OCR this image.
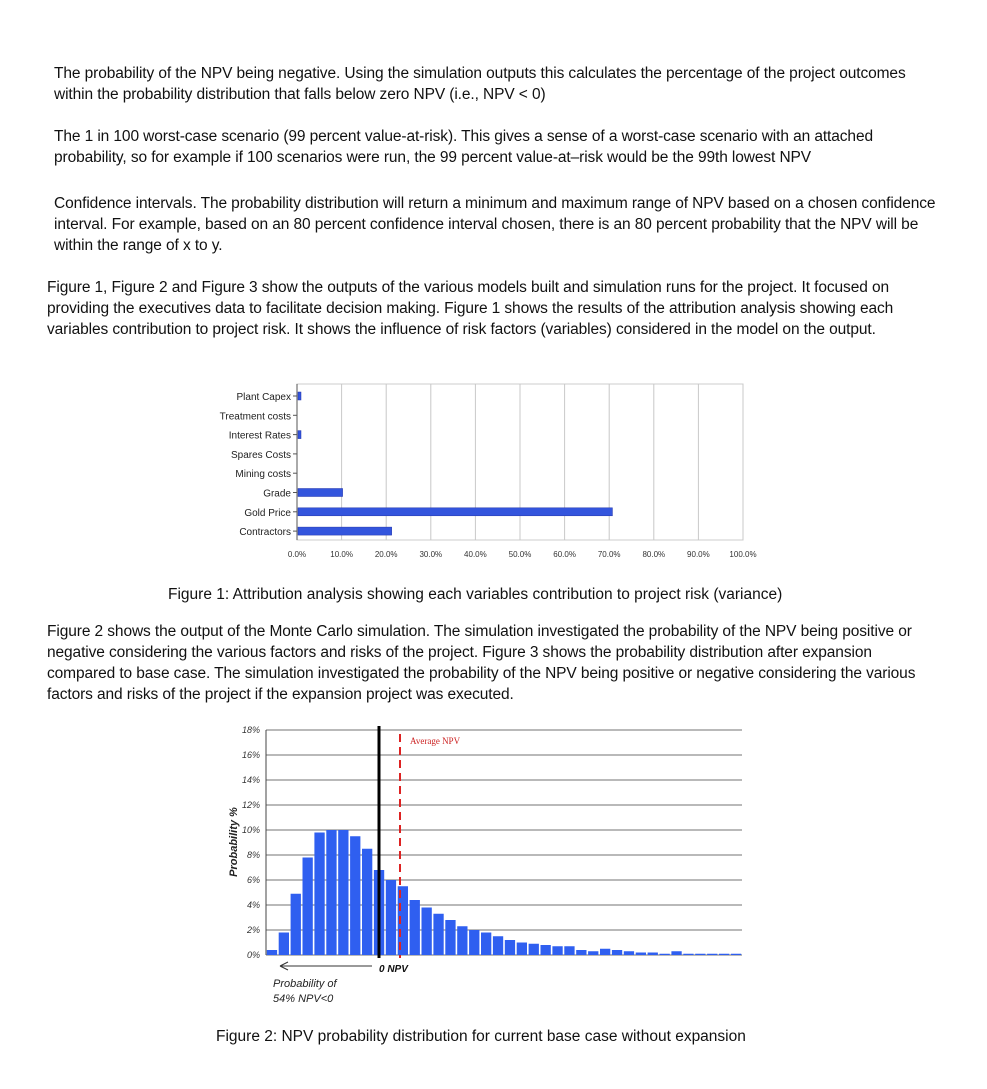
The probability of the NPV being negative. Using the simulation outputs this calculates the percentage of the project outcomes within the probability distribution that falls below zero NPV (i.e., NPV < 0)

The 1 in 100 worst-case scenario (99 percent value-at-risk). This gives a sense of a worst-case scenario with an attached probability, so for example if 100 scenarios were run, the 99 percent value-at–risk would be the 99th lowest NPV

Confidence intervals. The probability distribution will return a minimum and maximum range of NPV based on a chosen confidence interval. For example, based on an 80 percent confidence interval chosen, there is an 80 percent probability that the NPV will be within the range of x to y.

Figure 1, Figure 2 and Figure 3 show the outputs of the various models built and simulation runs for the project. It focused on providing the executives data to facilitate decision making. Figure 1 shows the results of the attribution analysis showing each variables contribution to project risk. It shows the influence of risk factors (variables) considered in the model on the output.

Plant Capex
Treatment costs
Interest Rates
Spares Costs
Mining costs
Grade
Gold Price
Contractors
0.0%	10.0%	20.0%	30.0%	40.0%	50.0%	60.0%	70.0%	80.0%	90.0% 100.0%

Figure 1: Attribution analysis showing each variables contribution to project risk (variance)

Figure 2 shows the output of the Monte Carlo simulation. The simulation investigated the probability of the NPV being positive or negative considering the various factors and risks of the project. Figure 3 shows the probability distribution after expansion compared to base case. The simulation investigated the probability of the NPV being positive or negative considering the various factors and risks of the project if the expansion project was executed.

0%
2%
4%
6%
8%
10%
12%
14%
16%
18%
Average NPV
0 NPV
Probability of
54% NPV<0
Probability %

Figure 2: NPV probability distribution for current base case without expansion
